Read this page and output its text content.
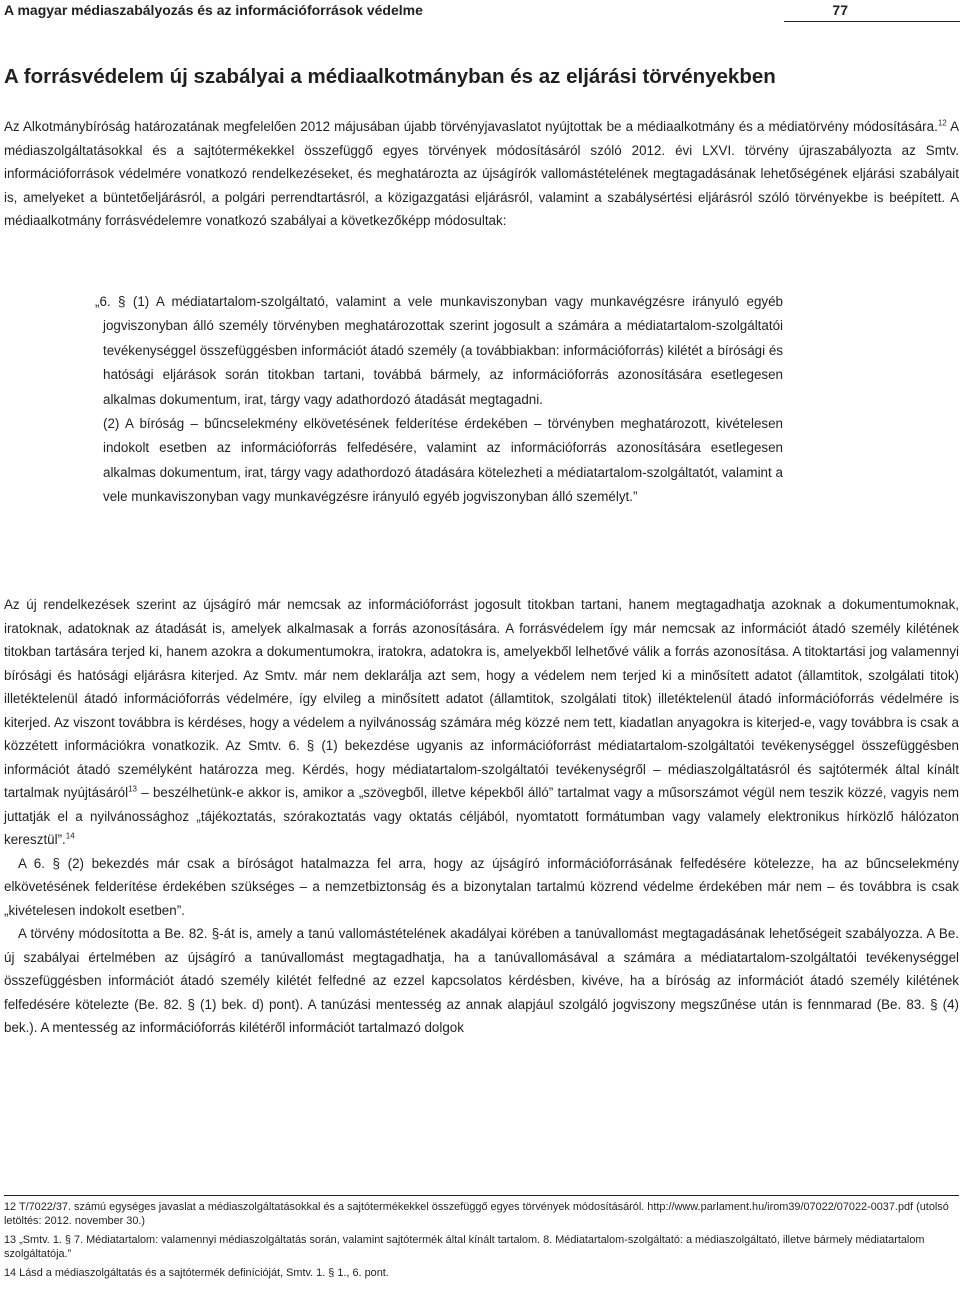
A magyar médiaszabályozás és az információforrások védelme	77
A forrásvédelem új szabályai a médiaalkotmányban és az eljárási törvényekben

Az Alkotmánybíróság határozatának megfelelően 2012 májusában újabb törvényjavaslatot nyújtottak be a médiaalkotmány és a médiatörvény módosítására.$^{12}$ A médiaszolgáltatásokkal és a sajtótermékekkel összefüggő egyes törvények módosításáról szóló 2012. évi LXVI. törvény újraszabályozta az Smtv. információforrások védelmére vonatkozó rendelkezéseket, és meghatározta az újságírók vallomástételének megtagadásának lehetőségének eljárási szabályait is, amelyeket a büntetőeljárásról, a polgári perrendtartásról, a közigazgatási eljárásról, valamint a szabálysértési eljárásról szóló törvényekbe is beépített. A médiaalkotmány forrásvédelemre vonatkozó szabályai a következőképp módosultak:

„6. § (1) A médiatartalom-szolgáltató, valamint a vele munkaviszonyban vagy munkavégzésre irányuló egyéb jogviszonyban álló személy törvényben meghatározottak szerint jogosult a számára a médiatartalom-szolgáltatói tevékenységgel összefüggésben információt átadó személy (a továbbiakban: információforrás) kilétét a bírósági és hatósági eljárások során titokban tartani, továbbá bármely, az információforrás azonosítására esetlegesen alkalmas dokumentum, irat, tárgy vagy adathordozó átadását megtagadni.

(2) A bíróság – bűncselekmény elkövetésének felderítése érdekében – törvényben meghatározott, kivételesen indokolt esetben az információforrás felfedésére, valamint az információforrás azonosítására esetlegesen alkalmas dokumentum, irat, tárgy vagy adathordozó átadására kötelezheti a médiatartalom-szolgáltatót, valamint a vele munkaviszonyban vagy munkavégzésre irányuló egyéb jogviszonyban álló személyt.”

Az új rendelkezések szerint az újságíró már nemcsak az információforrást jogosult titokban tartani, hanem megtagadhatja azoknak a dokumentumoknak, iratoknak, adatoknak az átadását is, amelyek alkalmasak a forrás azonosítására. A forrásvédelem így már nemcsak az információt átadó személy kilétének titokban tartására terjed ki, hanem azokra a dokumentumokra, iratokra, adatokra is, amelyekből lelhetővé válik a forrás azonosítása. A titoktartási jog valamennyi bírósági és hatósági eljárásra kiterjed. Az Smtv. már nem deklarálja azt sem, hogy a védelem nem terjed ki a minősített adatot (államtitok, szolgálati titok) illetéktelenül átadó információforrás védelmére, így elvileg a minősített adatot (államtitok, szolgálati titok) illetéktelenül átadó információforrás védelmére is kiterjed. Az viszont továbbra is kérdéses, hogy a védelem a nyilvánosság számára még közzé nem tett, kiadatlan anyagokra is kiterjed-e, vagy továbbra is csak a közzétett információkra vonatkozik. Az Smtv. 6. § (1) bekezdése ugyanis az információforrást médiatartalom-szolgáltatói tevékenységgel összefüggésben információt átadó személyként határozza meg. Kérdés, hogy médiatartalom-szolgáltatói tevékenységről – médiaszolgáltatásról és sajtótermék által kínált tartalmak nyújtásáról$^{13}$ – beszélhetünk-e akkor is, amikor a „szövegből, illetve képekből álló” tartalmat vagy a műsorszámot végül nem teszik közzé, vagyis nem juttatják el a nyilvánossághoz „tájékoztatás, szórakoztatás vagy oktatás céljából, nyomtatott formátumban vagy valamely elektronikus hírközlő hálózaton keresztül”.$^{14}$

A 6. § (2) bekezdés már csak a bíróságot hatalmazza fel arra, hogy az újságíró információforrásának felfedésére kötelezze, ha az bűncselekmény elkövetésének felderítése érdekében szükséges – a nemzetbiztonság és a bizonytalan tartalmú közrend védelme érdekében már nem – és továbbra is csak „kivételesen indokolt esetben”.

A törvény módosította a Be. 82. §-át is, amely a tanú vallomástételének akadályai körében a tanúvallomást megtagadásának lehetőségeit szabályozza. A Be. új szabályai értelmében az újságíró a tanúvallomást megtagadhatja, ha a tanúvallomásával a számára a médiatartalom-szolgáltatói tevékenységgel összefüggésben információt átadó személy kilétét felfedné az ezzel kapcsolatos kérdésben, kivéve, ha a bíróság az információt átadó személy kilétének felfedésére kötelezte (Be. 82. § (1) bek. d) pont). A tanúzási mentesség az annak alapjául szolgáló jogviszony megszűnése után is fennmarad (Be. 83. § (4) bek.). A mentesség az információforrás kilétéről információt tartalmazó dolgok

12 T/7022/37. számú egységes javaslat a médiaszolgáltatásokkal és a sajtótermékekkel összefüggő egyes törvények módosításáról. http://www.parlament.hu/irom39/07022/07022-0037.pdf (utolsó letöltés: 2012. november 30.)

13 „Smtv. 1. § 7. Médiatartalom: valamennyi médiaszolgáltatás során, valamint sajtótermék által kínált tartalom. 8. Médiatartalom-szolgáltató: a médiaszolgáltató, illetve bármely médiatartalom szolgáltatója.”

14 Lásd a médiaszolgáltatás és a sajtótermék definícióját, Smtv. 1. § 1., 6. pont.
